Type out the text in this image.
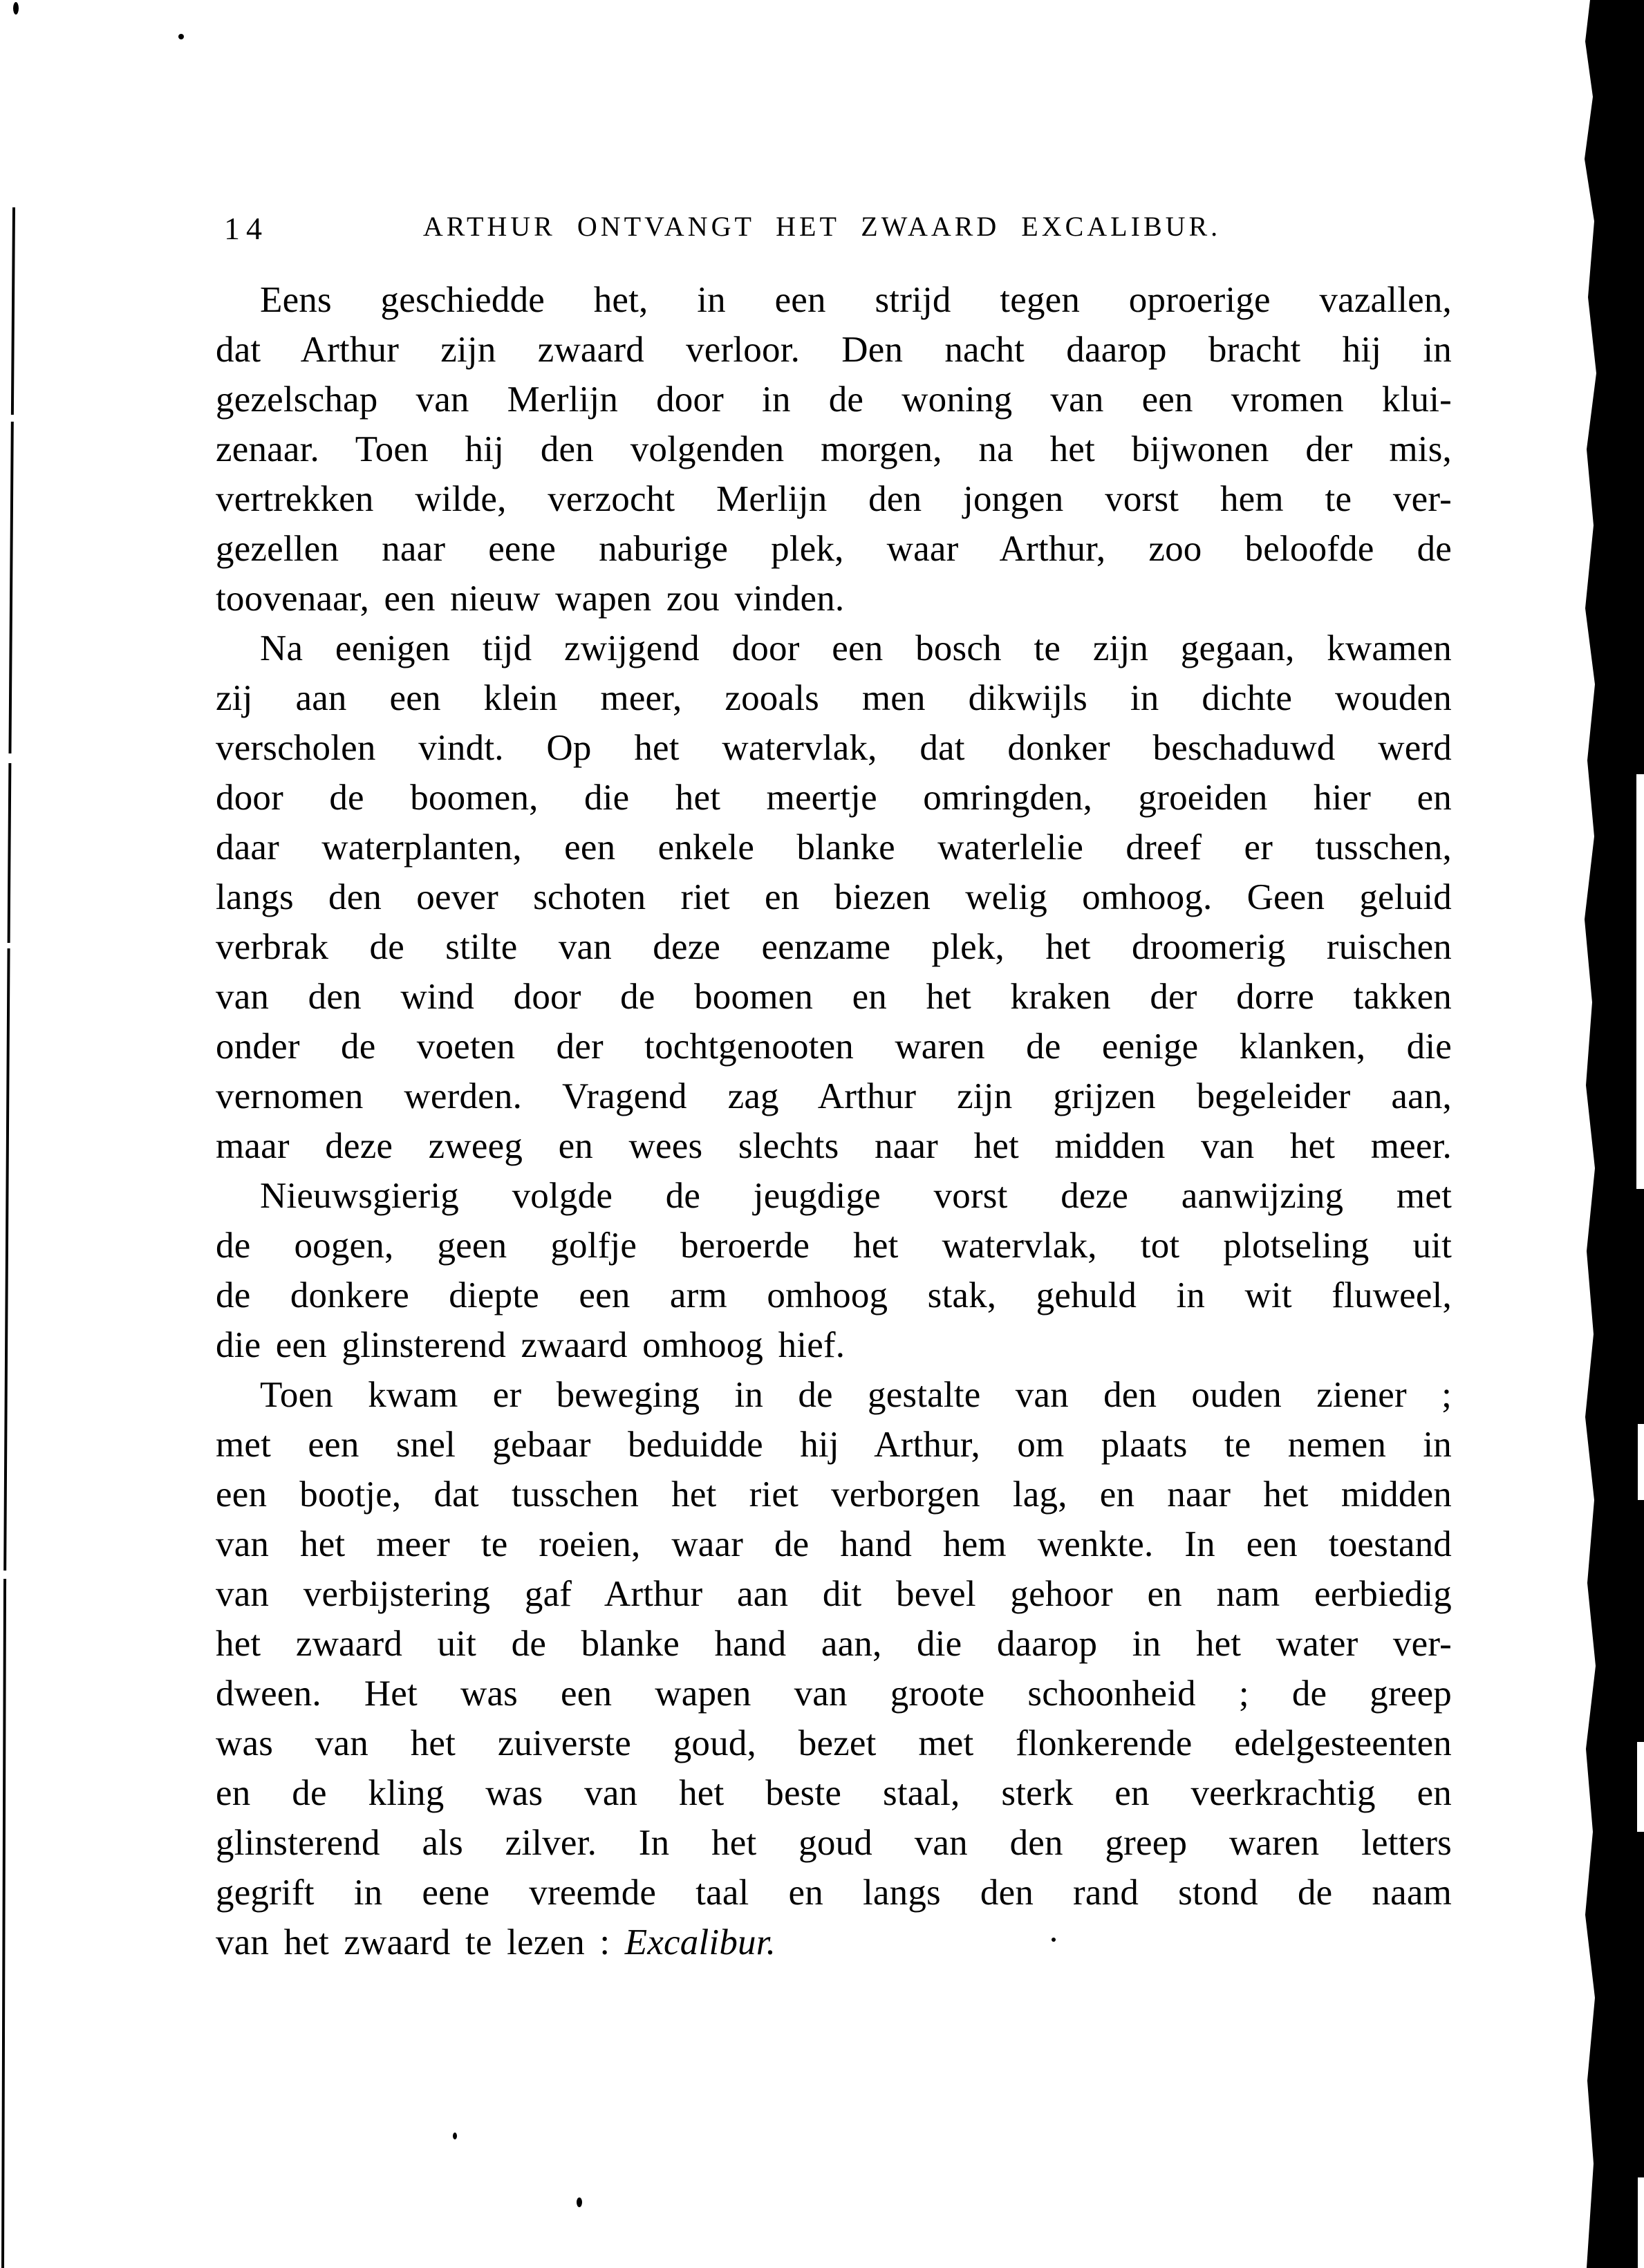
14	ARTHUR ONTVANGT HET ZWAARD EXCALIBUR.
Eens geschiedde het, in een strijd tegen oproerige vazallen,
dat Arthur zijn zwaard verloor. Den nacht daarop bracht hij in
gezelschap van Merlijn door in de woning van een vromen klui-
zenaar. Toen hij den volgenden morgen, na het bijwonen der mis,
vertrekken wilde, verzocht Merlijn den jongen vorst hem te ver-
gezellen naar eene naburige plek, waar Arthur, zoo beloofde de
toovenaar, een nieuw wapen zou vinden.
Na eenigen tijd zwijgend door een bosch te zijn gegaan, kwamen
zij aan een klein meer, zooals men dikwijls in dichte wouden
verscholen vindt. Op het watervlak, dat donker beschaduwd werd
door de boomen, die het meertje omringden, groeiden hier en
daar waterplanten, een enkele blanke waterlelie dreef er tusschen,
langs den oever schoten riet en biezen welig omhoog. Geen geluid
verbrak de stilte van deze eenzame plek, het droomerig ruischen
van den wind door de boomen en het kraken der dorre takken
onder de voeten der tochtgenooten waren de eenige klanken, die
vernomen werden. Vragend zag Arthur zijn grijzen begeleider aan,
maar deze zweeg en wees slechts naar het midden van het meer.
Nieuwsgierig volgde de jeugdige vorst deze aanwijzing met
de oogen, geen golfje beroerde het watervlak, tot plotseling uit
de donkere diepte een arm omhoog stak, gehuld in wit fluweel,
die een glinsterend zwaard omhoog hief.
Toen kwam er beweging in de gestalte van den ouden ziener ;
met een snel gebaar beduidde hij Arthur, om plaats te nemen in
een bootje, dat tusschen het riet verborgen lag, en naar het midden
van het meer te roeien, waar de hand hem wenkte. In een toestand
van verbijstering gaf Arthur aan dit bevel gehoor en nam eerbiedig
het zwaard uit de blanke hand aan, die daarop in het water ver-
dween. Het was een wapen van groote schoonheid ; de greep
was van het zuiverste goud, bezet met flonkerende edelgesteenten
en de kling was van het beste staal, sterk en veerkrachtig en
glinsterend als zilver. In het goud van den greep waren letters
gegrift in eene vreemde taal en langs den rand stond de naam
van het zwaard te lezen : Excalibur.
